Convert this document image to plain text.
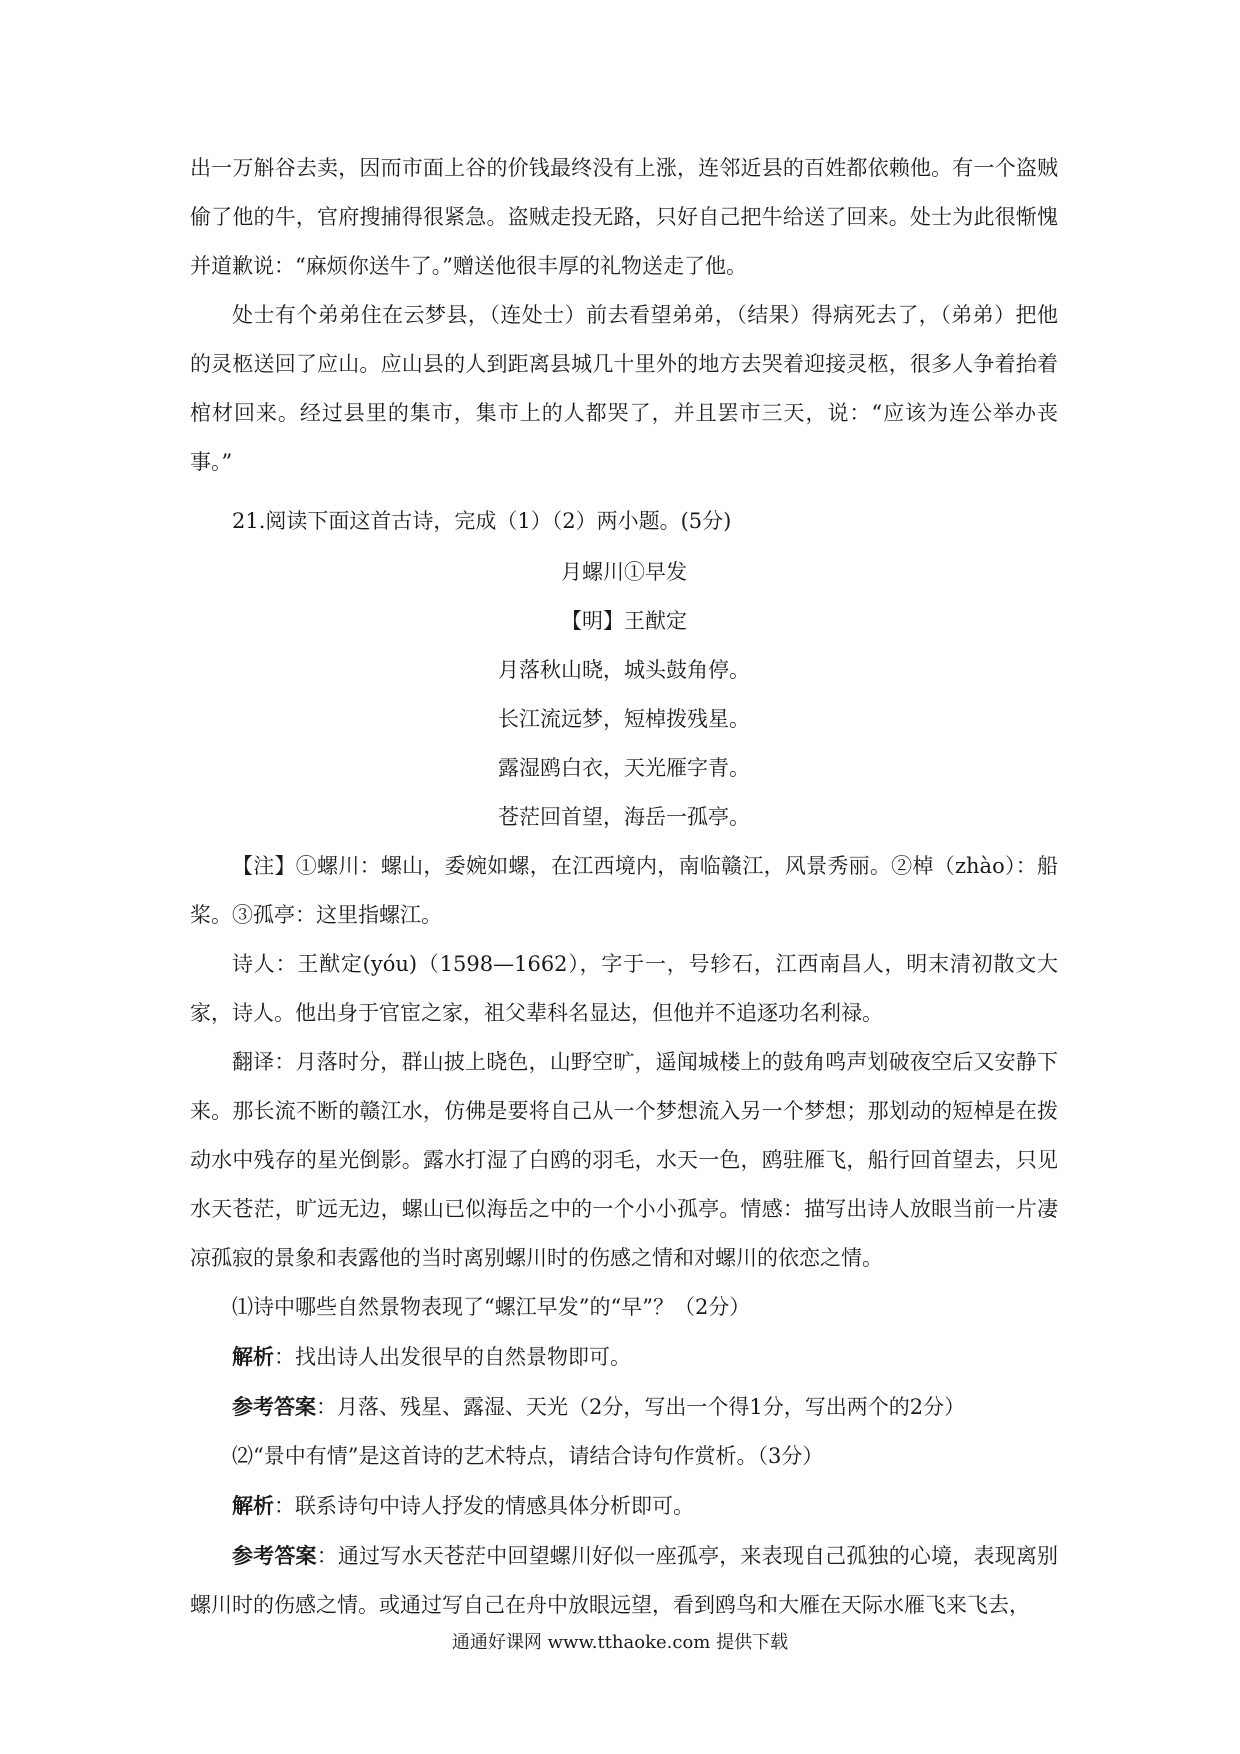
出一万斛谷去卖，因而市面上谷的价钱最终没有上涨，连邻近县的百姓都依赖他。有一个盗贼偷了他的牛，官府搜捕得很紧急。盗贼走投无路，只好自己把牛给送了回来。处士为此很惭愧并道歉说：“麻烦你送牛了。”赠送他很丰厚的礼物送走了他。

处士有个弟弟住在云梦县，（连处士）前去看望弟弟，（结果）得病死去了，（弟弟）把他的灵柩送回了应山。应山县的人到距离县城几十里外的地方去哭着迎接灵柩，很多人争着抬着棺材回来。经过县里的集市，集市上的人都哭了，并且罢市三天，说：“应该为连公举办丧事。”

21.阅读下面这首古诗，完成（1）（2）两小题。(5分)

月螺川①早发

【明】王猷定

月落秋山晓，城头鼓角停。

长江流远梦，短棹拨残星。

露湿鸥白衣，天光雁字青。

苍茫回首望，海岳一孤亭。

【注】①螺川：螺山，委婉如螺，在江西境内，南临赣江，风景秀丽。②棹（zhào）：船桨。③孤亭：这里指螺江。

诗人：王猷定(yóu)（1598—1662），字于一，号轸石，江西南昌人，明末清初散文大家，诗人。他出身于官宦之家，祖父辈科名显达，但他并不追逐功名利禄。

翻译：月落时分，群山披上晓色，山野空旷，遥闻城楼上的鼓角鸣声划破夜空后又安静下来。那长流不断的赣江水，仿佛是要将自己从一个梦想流入另一个梦想；那划动的短棹是在拨动水中残存的星光倒影。露水打湿了白鸥的羽毛，水天一色，鸥驻雁飞，船行回首望去，只见水天苍茫，旷远无边，螺山已似海岳之中的一个小小孤亭。情感：描写出诗人放眼当前一片凄凉孤寂的景象和表露他的当时离别螺川时的伤感之情和对螺川的依恋之情。

⑴诗中哪些自然景物表现了“螺江早发”的“早”？（2分）

解析：找出诗人出发很早的自然景物即可。

参考答案：月落、残星、露湿、天光（2分，写出一个得1分，写出两个的2分）

⑵“景中有情”是这首诗的艺术特点，请结合诗句作赏析。（3分）

解析：联系诗句中诗人抒发的情感具体分析即可。

参考答案：通过写水天苍茫中回望螺川好似一座孤亭，来表现自己孤独的心境，表现离别螺川时的伤感之情。或通过写自己在舟中放眼远望，看到鸥鸟和大雁在天际水雁飞来飞去，

通通好课网 www.tthaoke.com 提供下载
